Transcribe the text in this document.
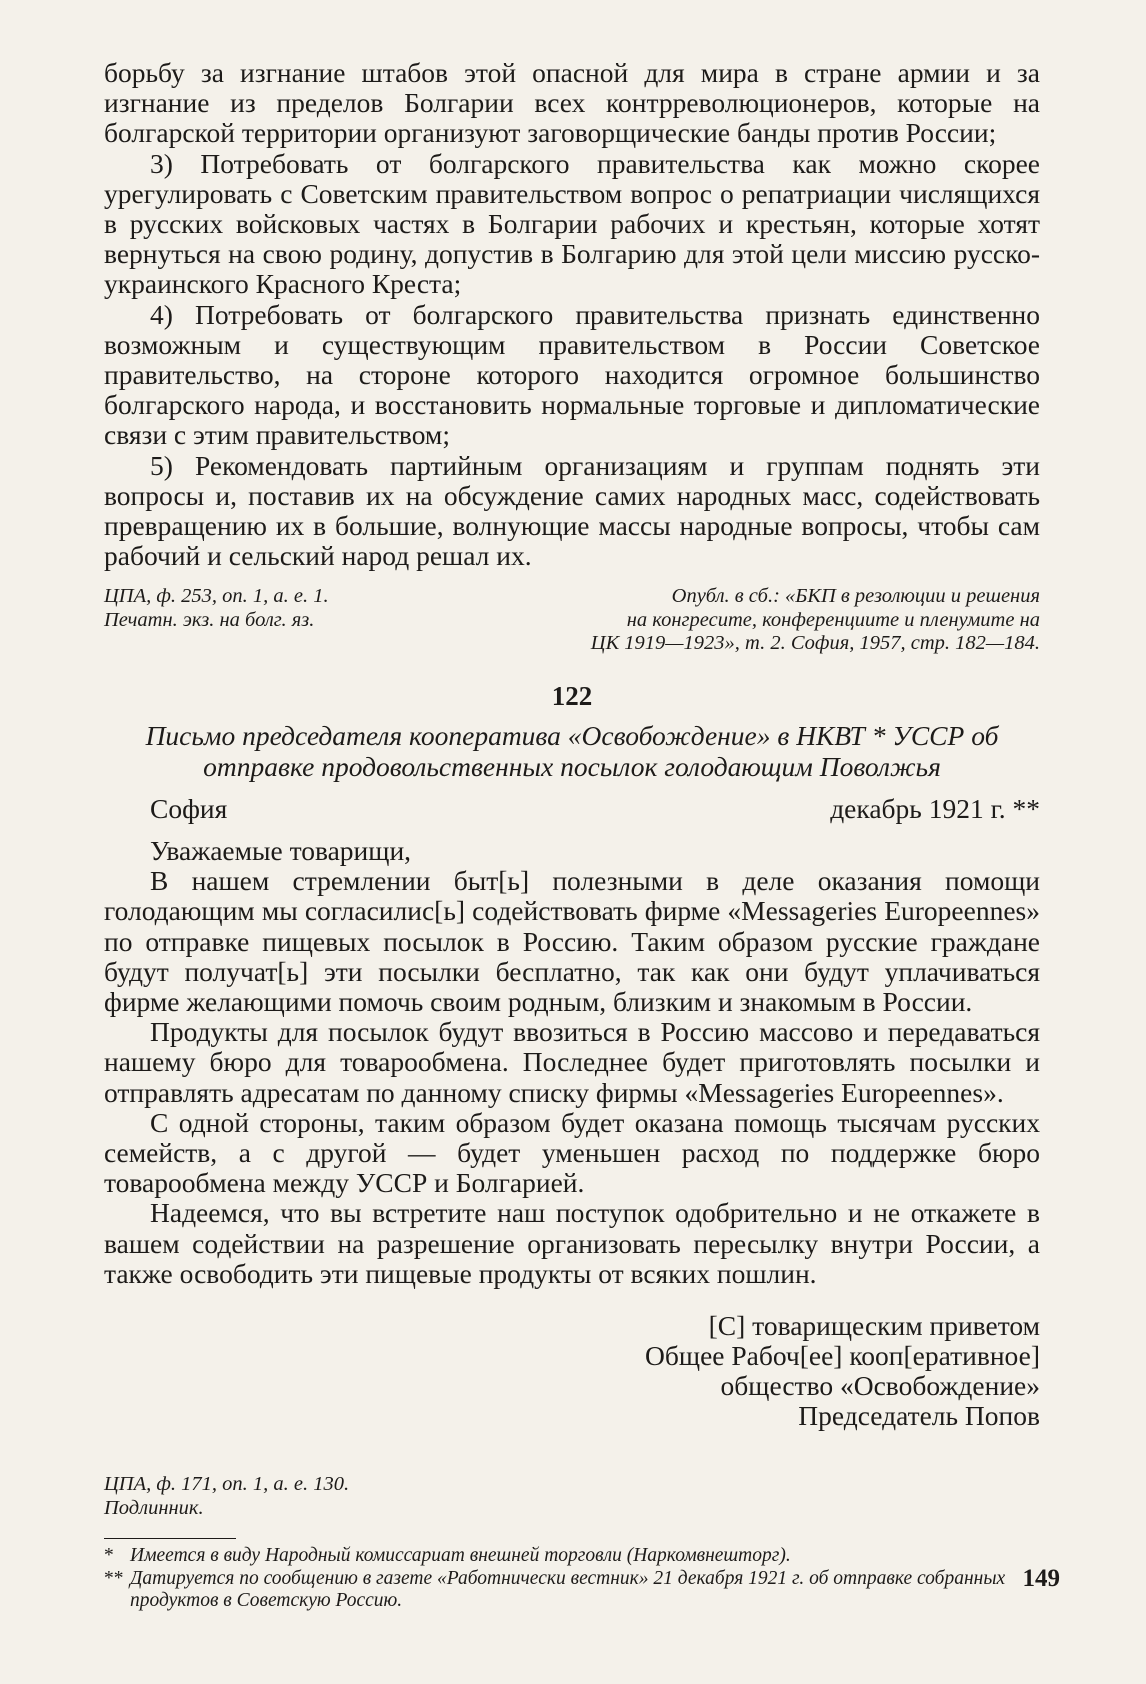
борьбу за изгнание штабов этой опасной для мира в стране армии и за изгнание из пределов Болгарии всех контрреволюционеров, которые на болгарской территории организуют заговорщические банды против России;

3) Потребовать от болгарского правительства как можно скорее урегулировать с Советским правительством вопрос о репатриации числящихся в русских войсковых частях в Болгарии рабочих и крестьян, которые хотят вернуться на свою родину, допустив в Болгарию для этой цели миссию русско-украинского Красного Креста;

4) Потребовать от болгарского правительства признать единственно возможным и существующим правительством в России Советское правительство, на стороне которого находится огромное большинство болгарского народа, и восстановить нормальные торговые и дипломатические связи с этим правительством;

5) Рекомендовать партийным организациям и группам поднять эти вопросы и, поставив их на обсуждение самих народных масс, содействовать превращению их в большие, волнующие массы народные вопросы, чтобы сам рабочий и сельский народ решал их.

ЦПА, ф. 253, оп. 1, а. е. 1.
Печатн. экз. на болг. яз.
Опубл. в сб.: «БКП в резолюции и решения
на конгресите, конференциите и пленумите на
ЦК 1919—1923», т. 2. София, 1957, стр. 182—184.
122
Письмо председателя кооператива «Освобождение» в НКВТ * УССР об
отправке продовольственных посылок голодающим Поволжья
София	декабрь 1921 г. **

Уважаемые товарищи,

В нашем стремлении быт[ь] полезными в деле оказания помощи голодающим мы согласилис[ь] содействовать фирме «Messageries Europeennes» по отправке пищевых посылок в Россию. Таким образом русские граждане будут получат[ь] эти посылки бесплатно, так как они будут уплачиваться фирме желающими помочь своим родным, близким и знакомым в России.

Продукты для посылок будут ввозиться в Россию массово и передаваться нашему бюро для товарообмена. Последнее будет приготовлять посылки и отправлять адресатам по данному списку фирмы «Messageries Europeennes».

С одной стороны, таким образом будет оказана помощь тысячам русских семейств, а с другой — будет уменьшен расход по поддержке бюро товарообмена между УССР и Болгарией.

Надеемся, что вы встретите наш поступок одобрительно и не откажете в вашем содействии на разрешение организовать пересылку внутри России, а также освободить эти пищевые продукты от всяких пошлин.

[С] товарищеским приветом
Общее Рабоч[ее] кооп[еративное]
общество «Освобождение»
Председатель Попов
ЦПА, ф. 171, оп. 1, а. е. 130.
Подлинник.
* Имеется в виду Народный комиссариат внешней торговли (Наркомвнешторг).
** Датируется по сообщению в газете «Работнически вестник» 21 декабря 1921 г. об отправке собранных продуктов в Советскую Россию.
149
